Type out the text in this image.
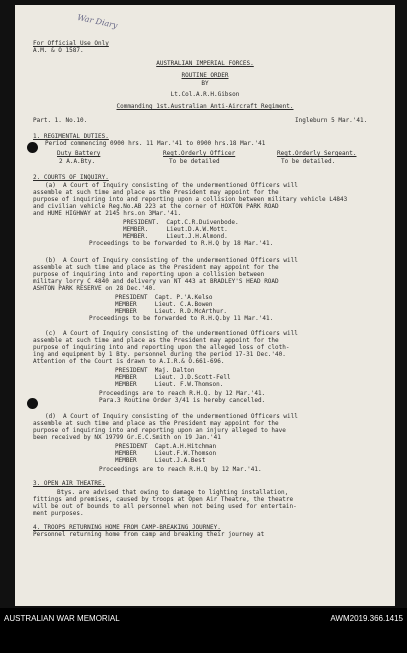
War Diary
For Official Use Only
A.M. & O 1587.
AUSTRALIAN IMPERIAL FORCES.
ROUTINE ORDER
BY
Lt.Col.A.R.H.Gibson
Commanding 1st.Australian Anti-Aircraft Regiment.
Part. 1. No.10.	Ingleburn 5 Mar.'41.
1. REGIMENTAL DUTIES.
Period commencing 0900 hrs. 11 Mar.'41 to 0900 hrs.18 Mar.'41
Duty Battery	Regt.Orderly Officer	Regt.Orderly Sergeant.
2 A.A.Bty.	To be detailed	To be detailed.
2. COURTS OF INQUIRY.
(a)  A Court of Inquiry consisting of the undermentioned Officers will
assemble at such time and place as the President may appoint for the
purpose of inquiring into and reporting upon a collision between military vehicle L4843
and civilian vehicle Reg.No.AB 223 at the corner of HOXTON PARK ROAD
and HUME HIGHWAY at 2145 hrs.on 3Mar.'41.
PRESIDENT.  Capt.C.R.Duivenbode.
MEMBER.     Lieut.D.A.W.Mott.
MEMBER.     Lieut.J.H.Almond.
Proceedings to be forwarded to R.H.Q by 18 Mar.'41.
(b)  A Court of Inquiry consisting of the undermentioned Officers will
assemble at such time and place as the President may appoint for the
purpose of inquiring into and reporting upon a collision between
military lorry C 4840 and delivery van NT 443 at BRADLEY'S HEAD ROAD
ASHTON PARK RESERVE on 28 Dec.'40.
PRESIDENT  Capt. P.'A.Kelso
MEMBER     Lieut. C.A.Bowen
MEMBER     Lieut. R.D.McArthur.
Proceedings to be forwarded to R.H.Q.by 11 Mar.'41.
(c)  A Court of Inquiry consisting of the undermentioned Officers will
assemble at such time and place as the President may appoint for the
purpose of inquiring into and reporting upon the alleged loss of cloth-
ing and equipment by 1 Bty. personnel during the period 17-31 Dec.'40.
Attention of the Court is drawn to A.I.R.& O.661-696.
PRESIDENT  Maj. Dalton
MEMBER     Lieut. J.D.Scott-Fell
MEMBER     Lieut. F.W.Thomson.
Proceedings are to reach R.H.Q. by 12 Mar.'41.
Para.3 Routine Order 3/41 is hereby cancelled.
(d)  A Court of Inquiry consisting of the undermentioned Officers will
assemble at such time and place as the President may appoint for the
purpose of inquiring into and reporting upon an injury alleged to have
been received by NX 19799 Gr.E.C.Smith on 19 Jan.'41
PRESIDENT  Capt.A.H.Hitchman
MEMBER     Lieut.F.W.Thomson
MEMBER     Lieut.J.A.Best
Proceedings are to reach R.H.Q by 12 Mar.'41.
3. OPEN AIR THEATRE.
Btys. are advised that owing to damage to lighting installation,
fittings and premises, caused by troops at Open Air Theatre, the theatre
will be out of bounds to all personnel when not being used for entertain-
ment purposes.
4. TROOPS RETURNING HOME FROM CAMP-BREAKING JOURNEY.
Personnel returning home from camp and breaking their journey at
AUSTRALIAN WAR MEMORIAL	AWM2019.366.1415
